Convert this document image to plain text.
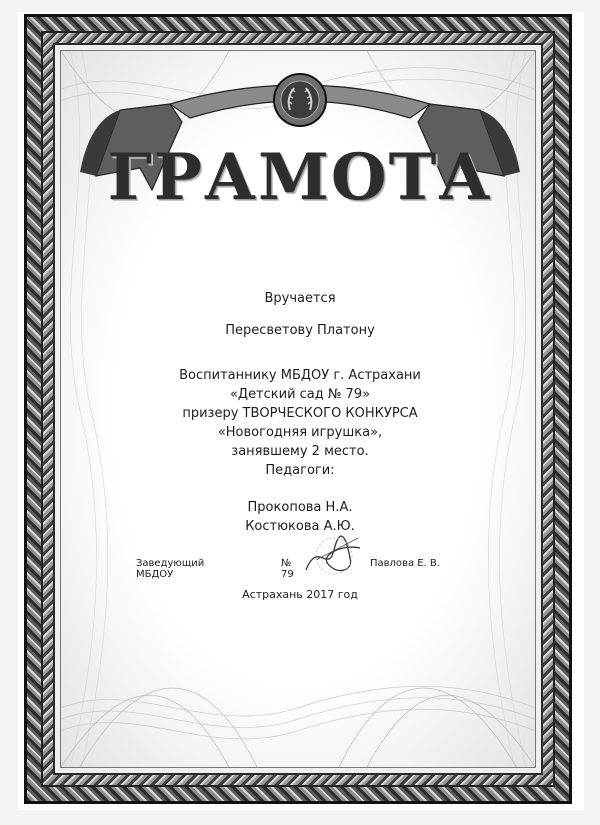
ГРАМОТА
Вручается
Пересветову Платону
Воспитаннику МБДОУ г. Астрахани
«Детский сад № 79»
призеру ТВОРЧЕСКОГО КОНКУРСА
«Новогодняя игрушка»,
занявшему 2 место.
Педагоги:
Прокопова Н.А.
Костюкова А.Ю.
Заведующий МБДОУ
№ 79
Павлова Е. В.
Астрахань 2017 год
